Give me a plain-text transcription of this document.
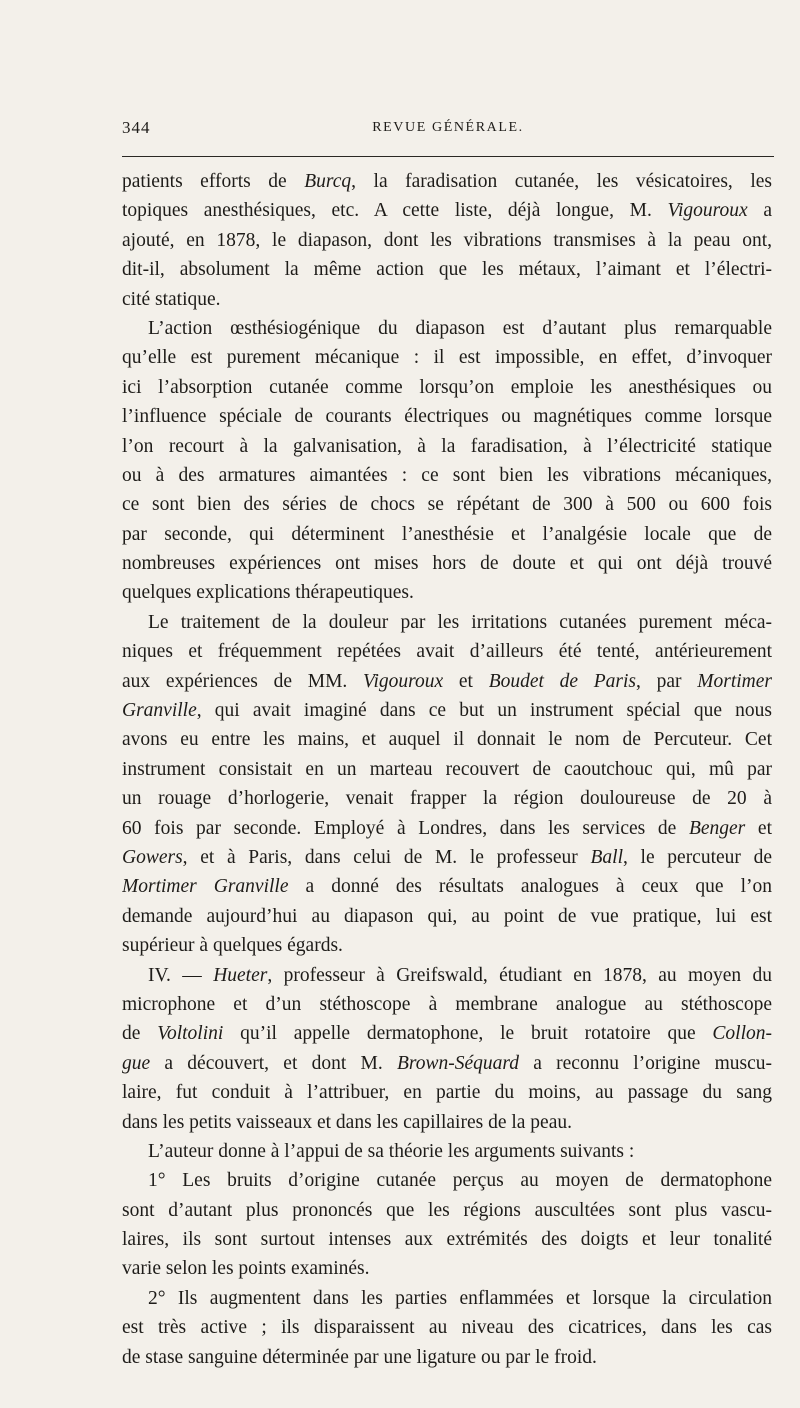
344	REVUE GÉNÉRALE.
patients efforts de Burcq, la faradisation cutanée, les vésicatoires, les
topiques anesthésiques, etc. A cette liste, déjà longue, M. Vigouroux a
ajouté, en 1878, le diapason, dont les vibrations transmises à la peau ont,
dit-il, absolument la même action que les métaux, l’aimant et l’électri-
cité statique.
L’action œsthésiogénique du diapason est d’autant plus remarquable
qu’elle est purement mécanique : il est impossible, en effet, d’invoquer
ici l’absorption cutanée comme lorsqu’on emploie les anesthésiques ou
l’influence spéciale de courants électriques ou magnétiques comme lorsque
l’on recourt à la galvanisation, à la faradisation, à l’électricité statique
ou à des armatures aimantées : ce sont bien les vibrations mécaniques,
ce sont bien des séries de chocs se répétant de 300 à 500 ou 600 fois
par seconde, qui déterminent l’anesthésie et l’analgésie locale que de
nombreuses expériences ont mises hors de doute et qui ont déjà trouvé
quelques explications thérapeutiques.
Le traitement de la douleur par les irritations cutanées purement méca-
niques et fréquemment repétées avait d’ailleurs été tenté, antérieurement
aux expériences de MM. Vigouroux et Boudet de Paris, par Mortimer
Granville, qui avait imaginé dans ce but un instrument spécial que nous
avons eu entre les mains, et auquel il donnait le nom de Percuteur. Cet
instrument consistait en un marteau recouvert de caoutchouc qui, mû par
un rouage d’horlogerie, venait frapper la région douloureuse de 20 à
60 fois par seconde. Employé à Londres, dans les services de Benger et
Gowers, et à Paris, dans celui de M. le professeur Ball, le percuteur de
Mortimer Granville a donné des résultats analogues à ceux que l’on
demande aujourd’hui au diapason qui, au point de vue pratique, lui est
supérieur à quelques égards.
IV. — Hueter, professeur à Greifswald, étudiant en 1878, au moyen du
microphone et d’un stéthoscope à membrane analogue au stéthoscope
de Voltolini qu’il appelle dermatophone, le bruit rotatoire que Collon-
gue a découvert, et dont M. Brown-Séquard a reconnu l’origine muscu-
laire, fut conduit à l’attribuer, en partie du moins, au passage du sang
dans les petits vaisseaux et dans les capillaires de la peau.
L’auteur donne à l’appui de sa théorie les arguments suivants :
1° Les bruits d’origine cutanée perçus au moyen de dermatophone
sont d’autant plus prononcés que les régions auscultées sont plus vascu-
laires, ils sont surtout intenses aux extrémités des doigts et leur tonalité
varie selon les points examinés.
2° Ils augmentent dans les parties enflammées et lorsque la circulation
est très active ; ils disparaissent au niveau des cicatrices, dans les cas
de stase sanguine déterminée par une ligature ou par le froid.
